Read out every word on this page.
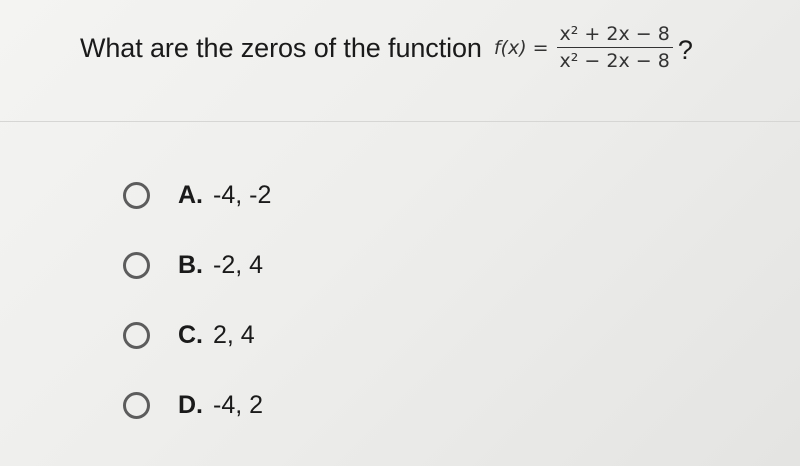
What are the zeros of the function $f(x) = \frac{\text{x² + 2x − 8}}{\text{x² − 2x − 8}}$ ?
A. -4, -2
B. -2, 4
C. 2, 4
D. -4, 2
